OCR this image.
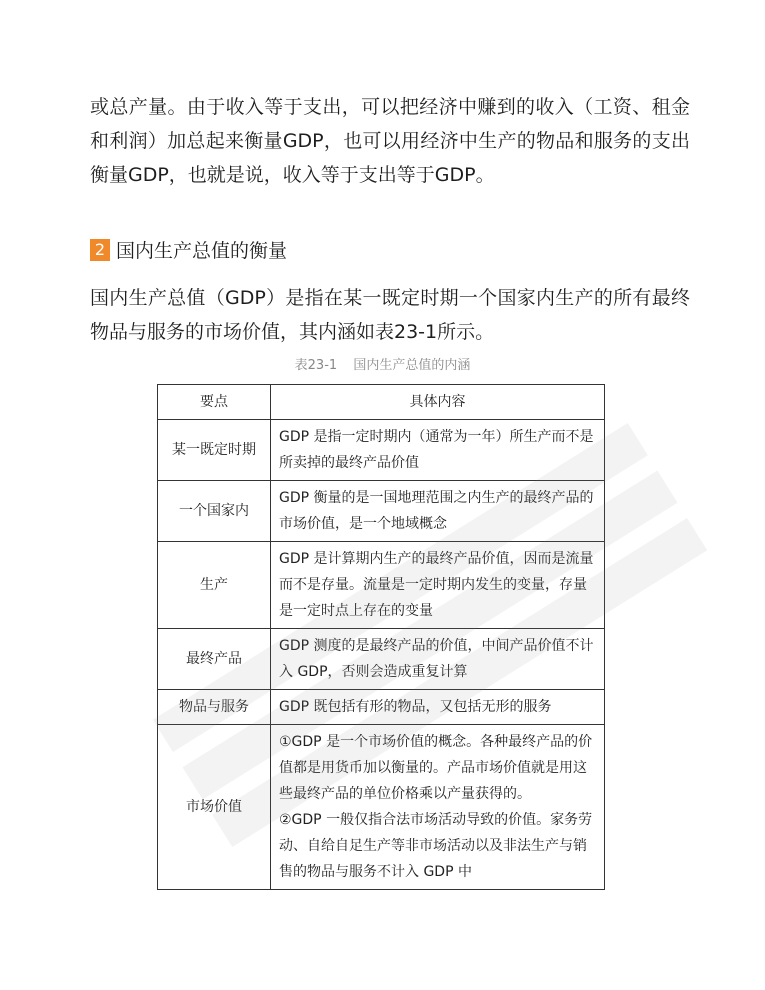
或总产量。由于收入等于支出，可以把经济中赚到的收入（工资、租金和利润）加总起来衡量GDP，也可以用经济中生产的物品和服务的支出衡量GDP，也就是说，收入等于支出等于GDP。

2 国内生产总值的衡量

国内生产总值（GDP）是指在某一既定时期一个国家内生产的所有最终物品与服务的市场价值，其内涵如表23-1所示。

表23-1 国内生产总值的内涵
要点	具体内容
某一既定时期	GDP 是指一定时期内（通常为一年）所生产而不是所卖掉的最终产品价值
一个国家内	GDP 衡量的是一国地理范围之内生产的最终产品的市场价值，是一个地域概念
生产	GDP 是计算期内生产的最终产品价值，因而是流量而不是存量。流量是一定时期内发生的变量，存量是一定时点上存在的变量
最终产品	GDP 测度的是最终产品的价值，中间产品价值不计入 GDP，否则会造成重复计算
物品与服务	GDP 既包括有形的物品，又包括无形的服务
市场价值	①GDP 是一个市场价值的概念。各种最终产品的价值都是用货币加以衡量的。产品市场价值就是用这些最终产品的单位价格乘以产量获得的。
②GDP 一般仅指合法市场活动导致的价值。家务劳动、自给自足生产等非市场活动以及非法生产与销售的物品与服务不计入 GDP 中
